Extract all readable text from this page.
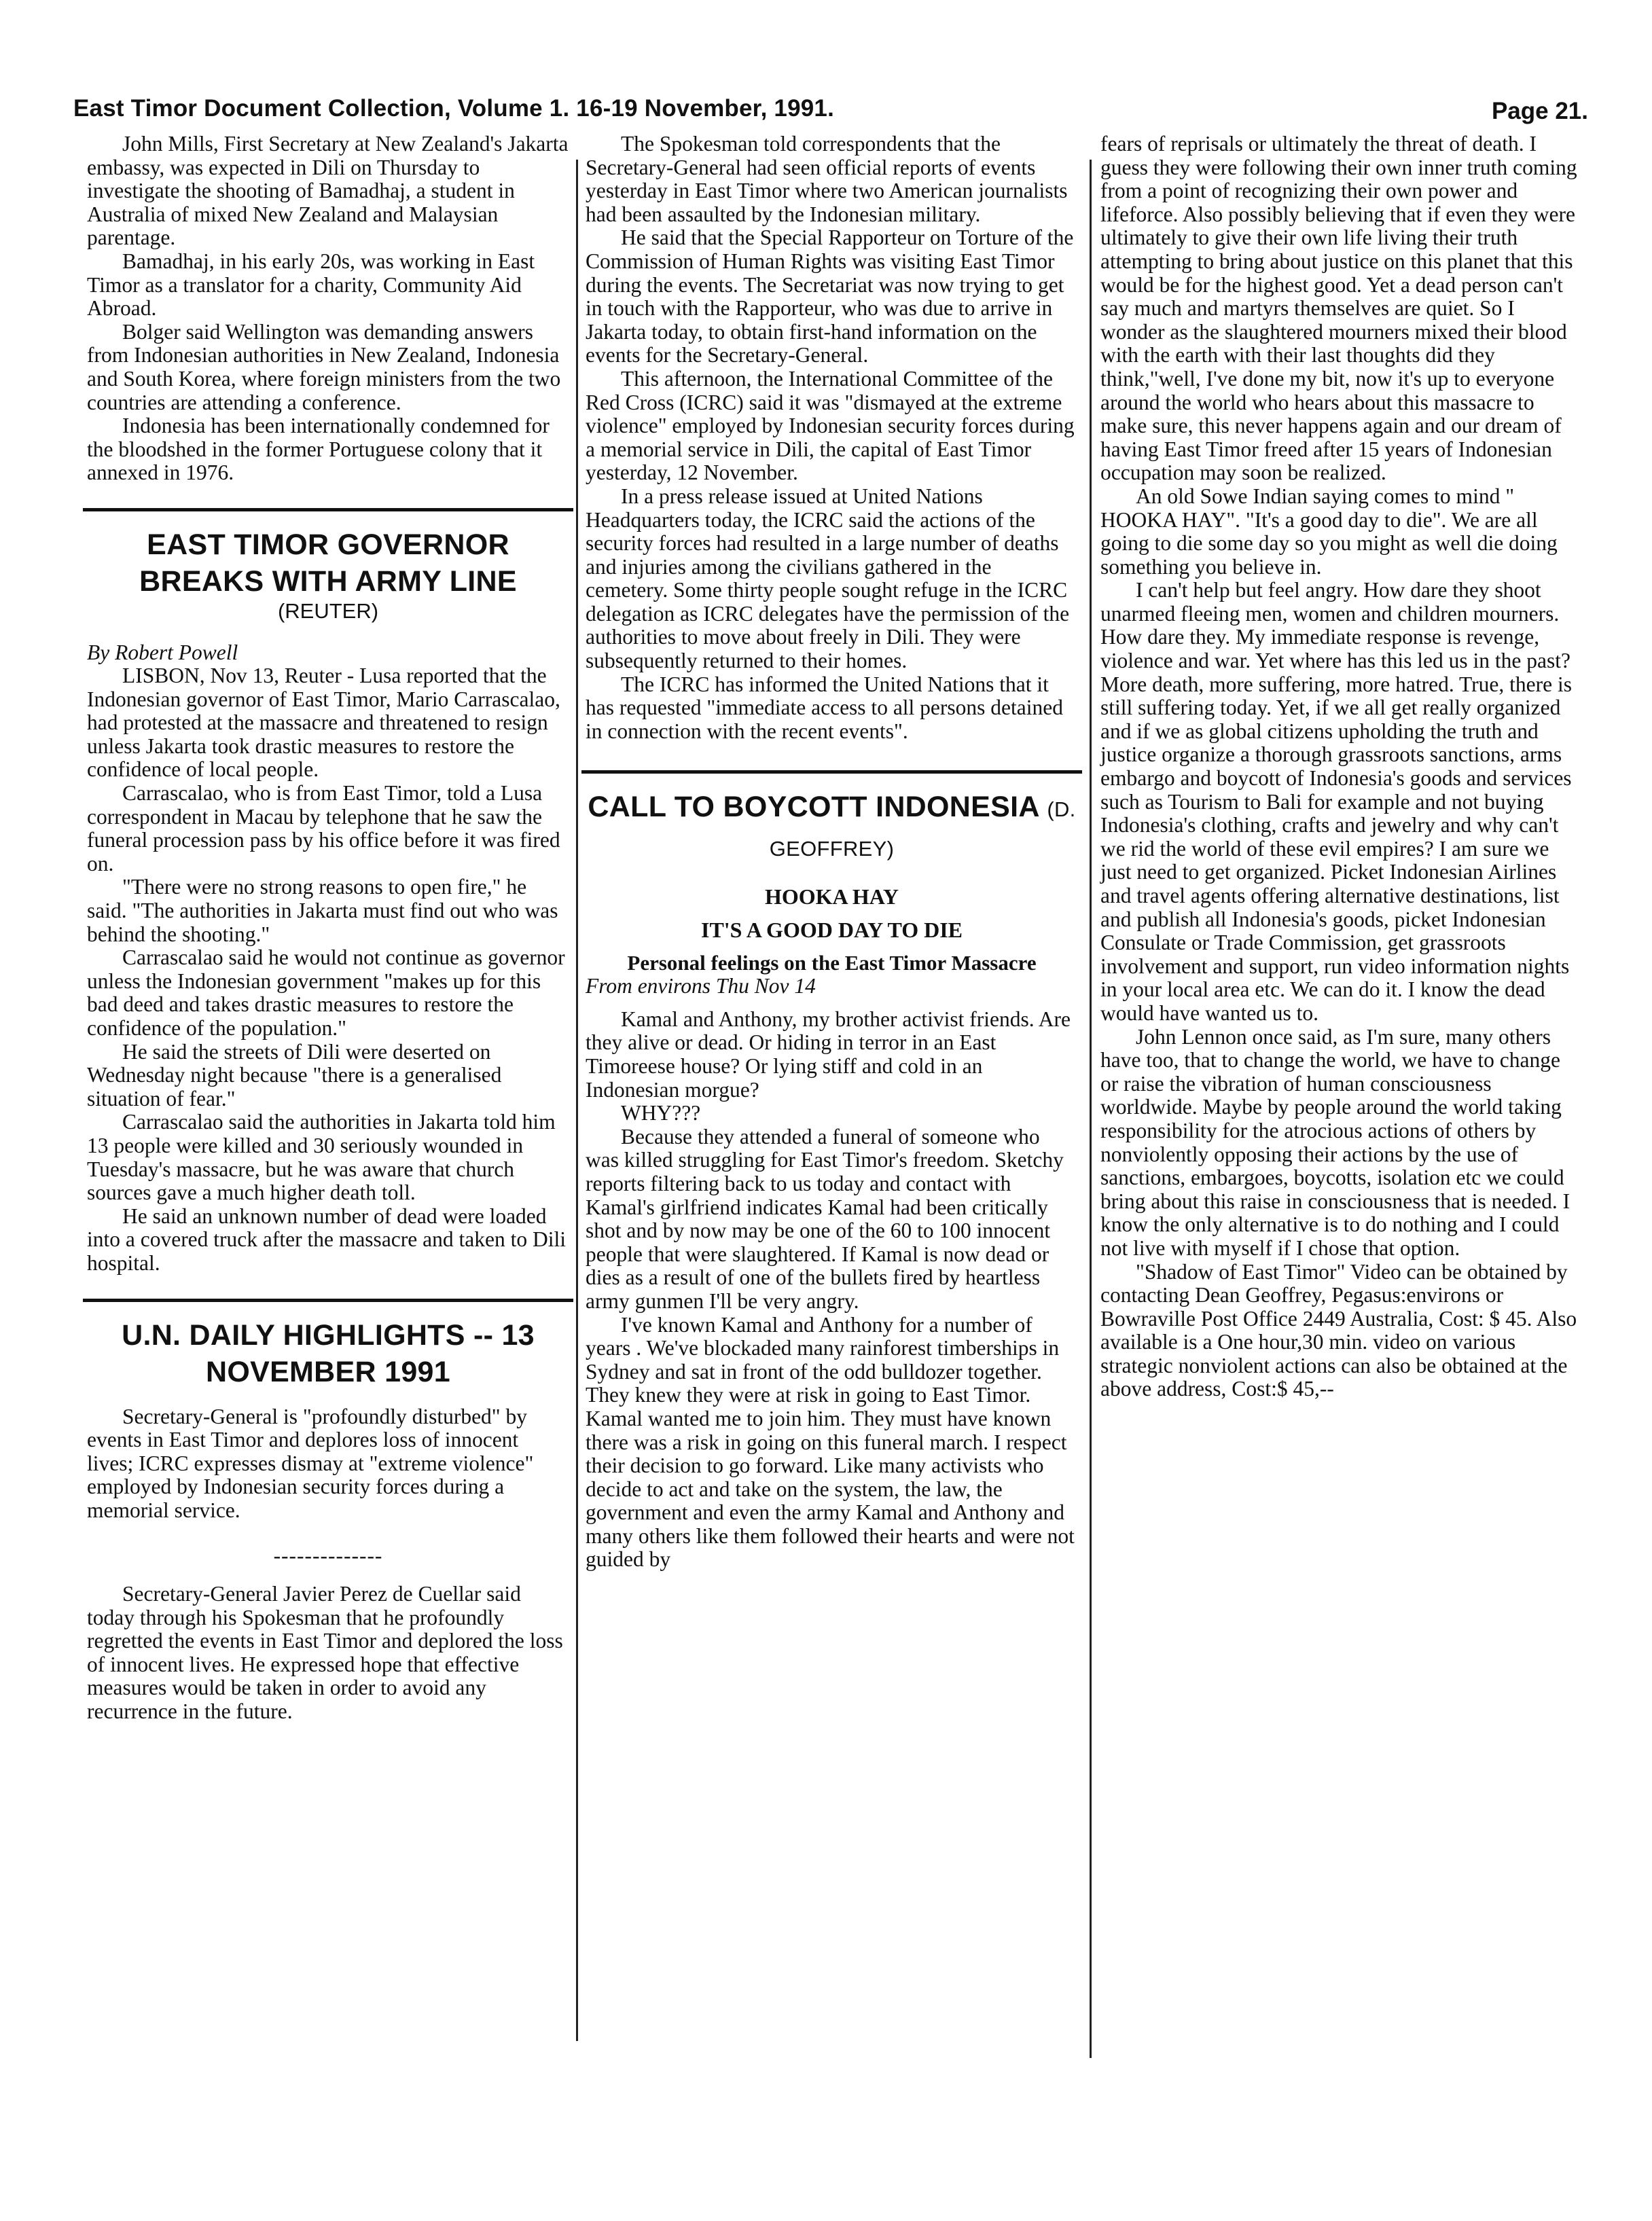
East Timor Document Collection, Volume 1. 16-19 November, 1991.	Page 21.

John Mills, First Secretary at New Zealand's Jakarta embassy, was expected in Dili on Thursday to investigate the shooting of Bamadhaj, a student in Australia of mixed New Zealand and Malaysian parentage.

Bamadhaj, in his early 20s, was working in East Timor as a translator for a charity, Community Aid Abroad.

Bolger said Wellington was demanding answers from Indonesian authorities in New Zealand, Indonesia and South Korea, where foreign ministers from the two countries are attending a conference.

Indonesia has been internationally condemned for the bloodshed in the former Portuguese colony that it annexed in 1976.

EAST TIMOR GOVERNOR BREAKS WITH ARMY LINE
(REUTER)

By Robert Powell

LISBON, Nov 13, Reuter - Lusa reported that the Indonesian governor of East Timor, Mario Carrascalao, had protested at the massacre and threatened to resign unless Jakarta took drastic measures to restore the confidence of local people.

Carrascalao, who is from East Timor, told a Lusa correspondent in Macau by telephone that he saw the funeral procession pass by his office before it was fired on.

"There were no strong reasons to open fire," he said. "The authorities in Jakarta must find out who was behind the shooting."

Carrascalao said he would not continue as governor unless the Indonesian government "makes up for this bad deed and takes drastic measures to restore the confidence of the population."

He said the streets of Dili were deserted on Wednesday night because "there is a generalised situation of fear."

Carrascalao said the authorities in Jakarta told him 13 people were killed and 30 seriously wounded in Tuesday's massacre, but he was aware that church sources gave a much higher death toll.

He said an unknown number of dead were loaded into a covered truck after the massacre and taken to Dili hospital.

U.N. DAILY HIGHLIGHTS -- 13 NOVEMBER 1991

Secretary-General is "profoundly disturbed" by events in East Timor and deplores loss of innocent lives; ICRC expresses dismay at "extreme violence" employed by Indonesian security forces during a memorial service.

--------------

Secretary-General Javier Perez de Cuellar said today through his Spokesman that he profoundly regretted the events in East Timor and deplored the loss of innocent lives. He expressed hope that effective measures would be taken in order to avoid any recurrence in the future.

The Spokesman told correspondents that the Secretary-General had seen official reports of events yesterday in East Timor where two American journalists had been assaulted by the Indonesian military.

He said that the Special Rapporteur on Torture of the Commission of Human Rights was visiting East Timor during the events. The Secretariat was now trying to get in touch with the Rapporteur, who was due to arrive in Jakarta today, to obtain first-hand information on the events for the Secretary-General.

This afternoon, the International Committee of the Red Cross (ICRC) said it was "dismayed at the extreme violence" employed by Indonesian security forces during a memorial service in Dili, the capital of East Timor yesterday, 12 November.

In a press release issued at United Nations Headquarters today, the ICRC said the actions of the security forces had resulted in a large number of deaths and injuries among the civilians gathered in the cemetery. Some thirty people sought refuge in the ICRC delegation as ICRC delegates have the permission of the authorities to move about freely in Dili. They were subsequently returned to their homes.

The ICRC has informed the United Nations that it has requested "immediate access to all persons detained in connection with the recent events".

CALL TO BOYCOTT INDONESIA (D. GEOFFREY)
HOOKA HAY
IT'S A GOOD DAY TO DIE
Personal feelings on the East Timor Massacre

From environs Thu Nov 14

Kamal and Anthony, my brother activist friends. Are they alive or dead. Or hiding in terror in an East Timoreese house? Or lying stiff and cold in an Indonesian morgue?

WHY???

Because they attended a funeral of someone who was killed struggling for East Timor's freedom. Sketchy reports filtering back to us today and contact with Kamal's girlfriend indicates Kamal had been critically shot and by now may be one of the 60 to 100 innocent people that were slaughtered. If Kamal is now dead or dies as a result of one of the bullets fired by heartless army gunmen I'll be very angry.

I've known Kamal and Anthony for a number of years . We've blockaded many rainforest timberships in Sydney and sat in front of the odd bulldozer together. They knew they were at risk in going to East Timor. Kamal wanted me to join him. They must have known there was a risk in going on this funeral march. I respect their decision to go forward. Like many activists who decide to act and take on the system, the law, the government and even the army Kamal and Anthony and many others like them followed their hearts and were not guided by

fears of reprisals or ultimately the threat of death. I guess they were following their own inner truth coming from a point of recognizing their own power and lifeforce. Also possibly believing that if even they were ultimately to give their own life living their truth attempting to bring about justice on this planet that this would be for the highest good. Yet a dead person can't say much and martyrs themselves are quiet. So I wonder as the slaughtered mourners mixed their blood with the earth with their last thoughts did they think,"well, I've done my bit, now it's up to everyone around the world who hears about this massacre to make sure, this never happens again and our dream of having East Timor freed after 15 years of Indonesian occupation may soon be realized.

An old Sowe Indian saying comes to mind " HOOKA HAY". "It's a good day to die". We are all going to die some day so you might as well die doing something you believe in.

I can't help but feel angry. How dare they shoot unarmed fleeing men, women and children mourners. How dare they. My immediate response is revenge, violence and war. Yet where has this led us in the past? More death, more suffering, more hatred. True, there is still suffering today. Yet, if we all get really organized and if we as global citizens upholding the truth and justice organize a thorough grassroots sanctions, arms embargo and boycott of Indonesia's goods and services such as Tourism to Bali for example and not buying Indonesia's clothing, crafts and jewelry and why can't we rid the world of these evil empires? I am sure we just need to get organized. Picket Indonesian Airlines and travel agents offering alternative destinations, list and publish all Indonesia's goods, picket Indonesian Consulate or Trade Commission, get grassroots involvement and support, run video information nights in your local area etc. We can do it. I know the dead would have wanted us to.

John Lennon once said, as I'm sure, many others have too, that to change the world, we have to change or raise the vibration of human consciousness worldwide. Maybe by people around the world taking responsibility for the atrocious actions of others by nonviolently opposing their actions by the use of sanctions, embargoes, boycotts, isolation etc we could bring about this raise in consciousness that is needed. I know the only alternative is to do nothing and I could not live with myself if I chose that option.

"Shadow of East Timor" Video can be obtained by contacting Dean Geoffrey, Pegasus:environs or Bowraville Post Office 2449 Australia, Cost: $ 45. Also available is a One hour,30 min. video on various strategic nonviolent actions can also be obtained at the above address, Cost:$ 45,--
